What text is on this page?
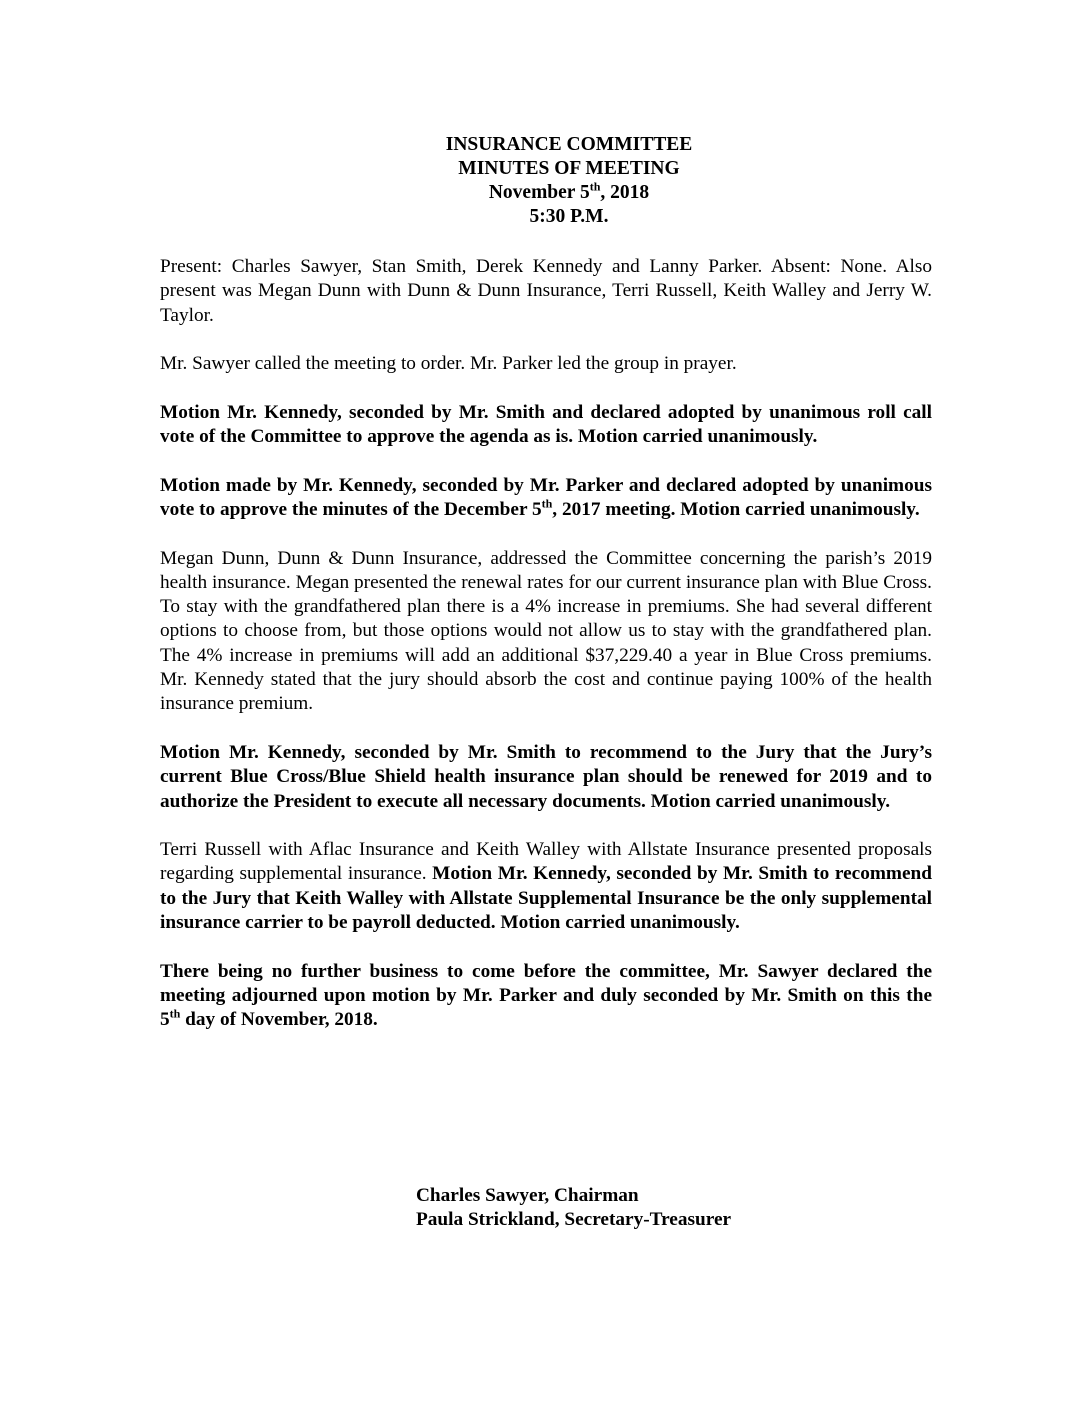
INSURANCE COMMITTEE
MINUTES OF MEETING
November 5th, 2018
5:30 P.M.

Present: Charles Sawyer, Stan Smith, Derek Kennedy and Lanny Parker. Absent: None. Also present was Megan Dunn with Dunn & Dunn Insurance, Terri Russell, Keith Walley and Jerry W. Taylor.

Mr. Sawyer called the meeting to order. Mr. Parker led the group in prayer.

Motion Mr. Kennedy, seconded by Mr. Smith and declared adopted by unanimous roll call vote of the Committee to approve the agenda as is. Motion carried unanimously.

Motion made by Mr. Kennedy, seconded by Mr. Parker and declared adopted by unanimous vote to approve the minutes of the December 5th, 2017 meeting. Motion carried unanimously.

Megan Dunn, Dunn & Dunn Insurance, addressed the Committee concerning the parish’s 2019 health insurance. Megan presented the renewal rates for our current insurance plan with Blue Cross. To stay with the grandfathered plan there is a 4% increase in premiums. She had several different options to choose from, but those options would not allow us to stay with the grandfathered plan. The 4% increase in premiums will add an additional $37,229.40 a year in Blue Cross premiums. Mr. Kennedy stated that the jury should absorb the cost and continue paying 100% of the health insurance premium.

Motion Mr. Kennedy, seconded by Mr. Smith to recommend to the Jury that the Jury’s current Blue Cross/Blue Shield health insurance plan should be renewed for 2019 and to authorize the President to execute all necessary documents. Motion carried unanimously.

Terri Russell with Aflac Insurance and Keith Walley with Allstate Insurance presented proposals regarding supplemental insurance. Motion Mr. Kennedy, seconded by Mr. Smith to recommend to the Jury that Keith Walley with Allstate Supplemental Insurance be the only supplemental insurance carrier to be payroll deducted. Motion carried unanimously.

There being no further business to come before the committee, Mr. Sawyer declared the meeting adjourned upon motion by Mr. Parker and duly seconded by Mr. Smith on this the 5th day of November, 2018.

Charles Sawyer, Chairman
Paula Strickland, Secretary-Treasurer
